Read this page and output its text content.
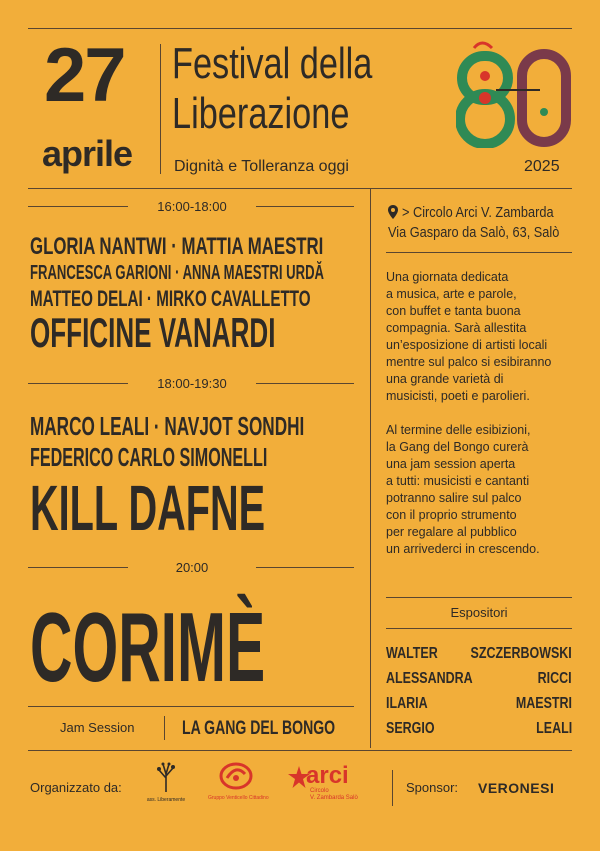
27
aprile
Festival della
Liberazione
Dignità e Tolleranza oggi	2025
16:00-18:00
GLORIA NANTWI · MATTIA MAESTRI
FRANCESCA GARIONI · ANNA MAESTRI URDĂ
MATTEO DELAI · MIRKO CAVALLETTO
OFFICINE VANARDI
18:00-19:30
MARCO LEALI · NAVJOT SONDHI
FEDERICO CARLO SIMONELLI
KILL DAFNE
20:00
CORIMÈ
Jam Session	LA GANG DEL BONGO
> Circolo Arci V. Zambarda
Via Gasparo da Salò, 63, Salò
Una giornata dedicata
a musica, arte e parole,
con buffet e tanta buona
compagnia. Sarà allestita
un’esposizione di artisti locali
mentre sul palco si esibiranno
una grande varietà di
musicisti, poeti e parolieri.
Al termine delle esibizioni,
la Gang del Bongo curerà
una jam session aperta
a tutti: musicisti e cantanti
potranno salire sul palco
con il proprio strumento
per regalare al pubblico
un arrivederci in crescendo.
Espositori
WALTER SZCZERBOWSKI
ALESSANDRA	RICCI
ILARIA	MAESTRI
SERGIO	LEALI
Organizzato da:
ass. Liberamente	Gruppo Venticello Cittadino
arci
Circolo
V. Zambarda Salò
Sponsor: VERONESI
